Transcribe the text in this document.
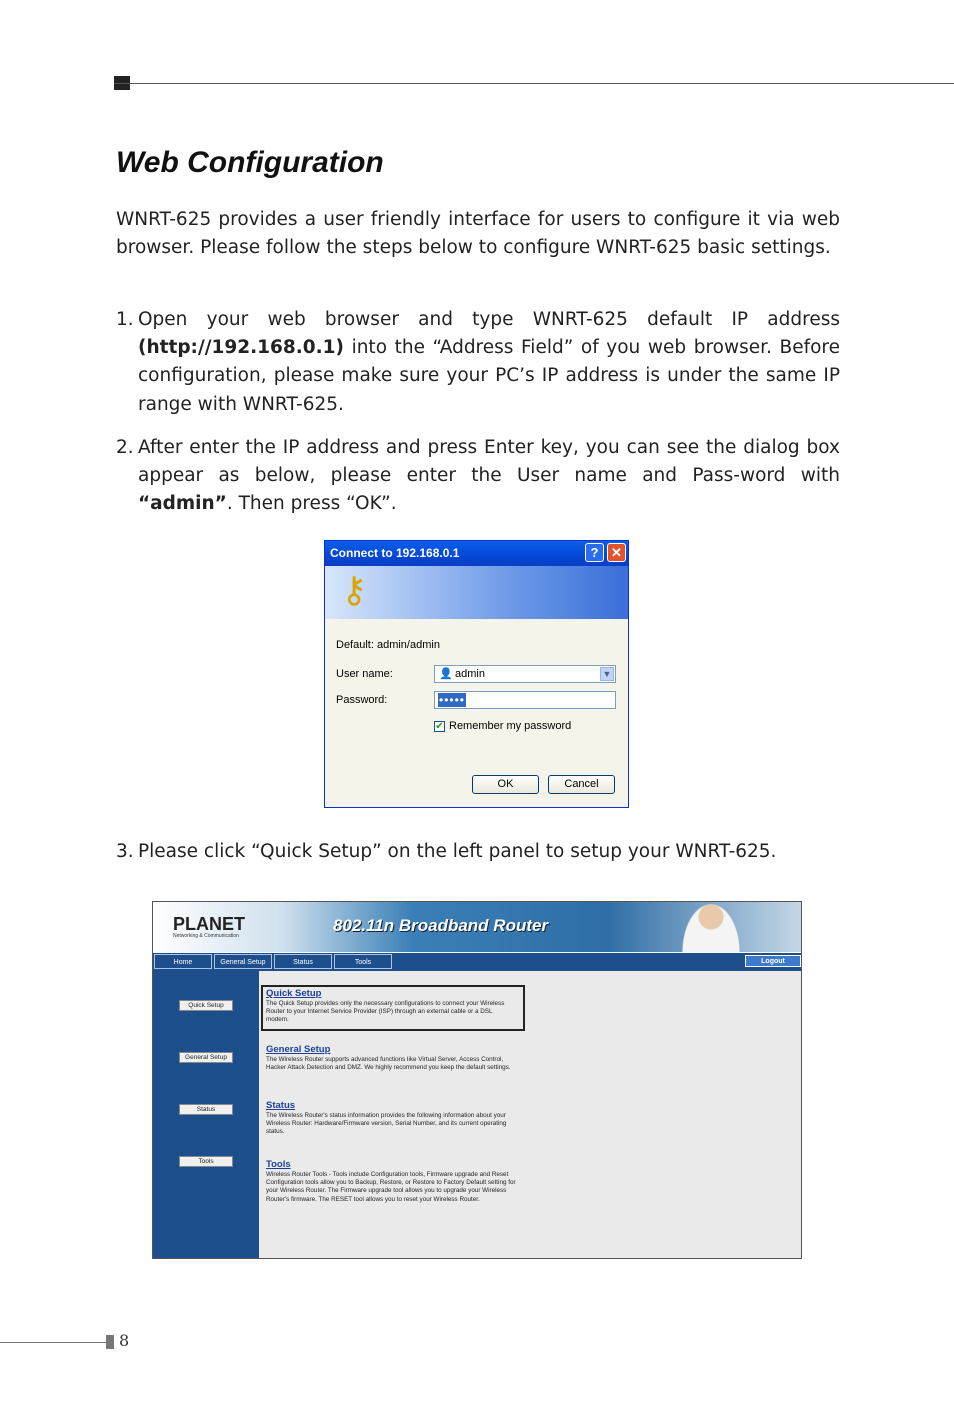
Web Configuration

WNRT-625 provides a user friendly interface for users to configure it via web browser. Please follow the steps below to configure WNRT-625 basic settings.

1. Open your web browser and type WNRT-625 default IP address (http://192.168.0.1) into the “Address Field” of you web browser. Before configuration, please make sure your PC’s IP address is under the same IP range with WNRT-625.
2. After enter the IP address and press Enter key, you can see the dialog box appear as below, please enter the User name and Pass-word with “admin”. Then press “OK”.
Connect to 192.168.0.1	? ✕
⚷
Default: admin/admin
User name:	👤 admin	▼
Password:	•••••
✔ Remember my password
OK	Cancel
3. Please click “Quick Setup” on the left panel to setup your WNRT-625.
PLANET
Networking & Communication
802.11n Broadband Router
Home	General Setup	Status	Tools	Logout
Quick Setup
General Setup
Status
Tools

Quick Setup

The Quick Setup provides only the necessary configurations to connect your Wireless Router to your Internet Service Provider (ISP) through an external cable or a DSL modem.

General Setup

The Wireless Router supports advanced functions like Virtual Server, Access Control, Hacker Attack Detection and DMZ. We highly recommend you keep the default settings.

Status

The Wireless Router's status information provides the following information about your Wireless Router: Hardware/Firmware version, Serial Number, and its current operating status.

Tools

Wireless Router Tools - Tools include Configuration tools, Firmware upgrade and Reset Configuration tools allow you to Backup, Restore, or Restore to Factory Default setting for your Wireless Router. The Firmware upgrade tool allows you to upgrade your Wireless Router's firmware. The RESET tool allows you to reset your Wireless Router.

8
